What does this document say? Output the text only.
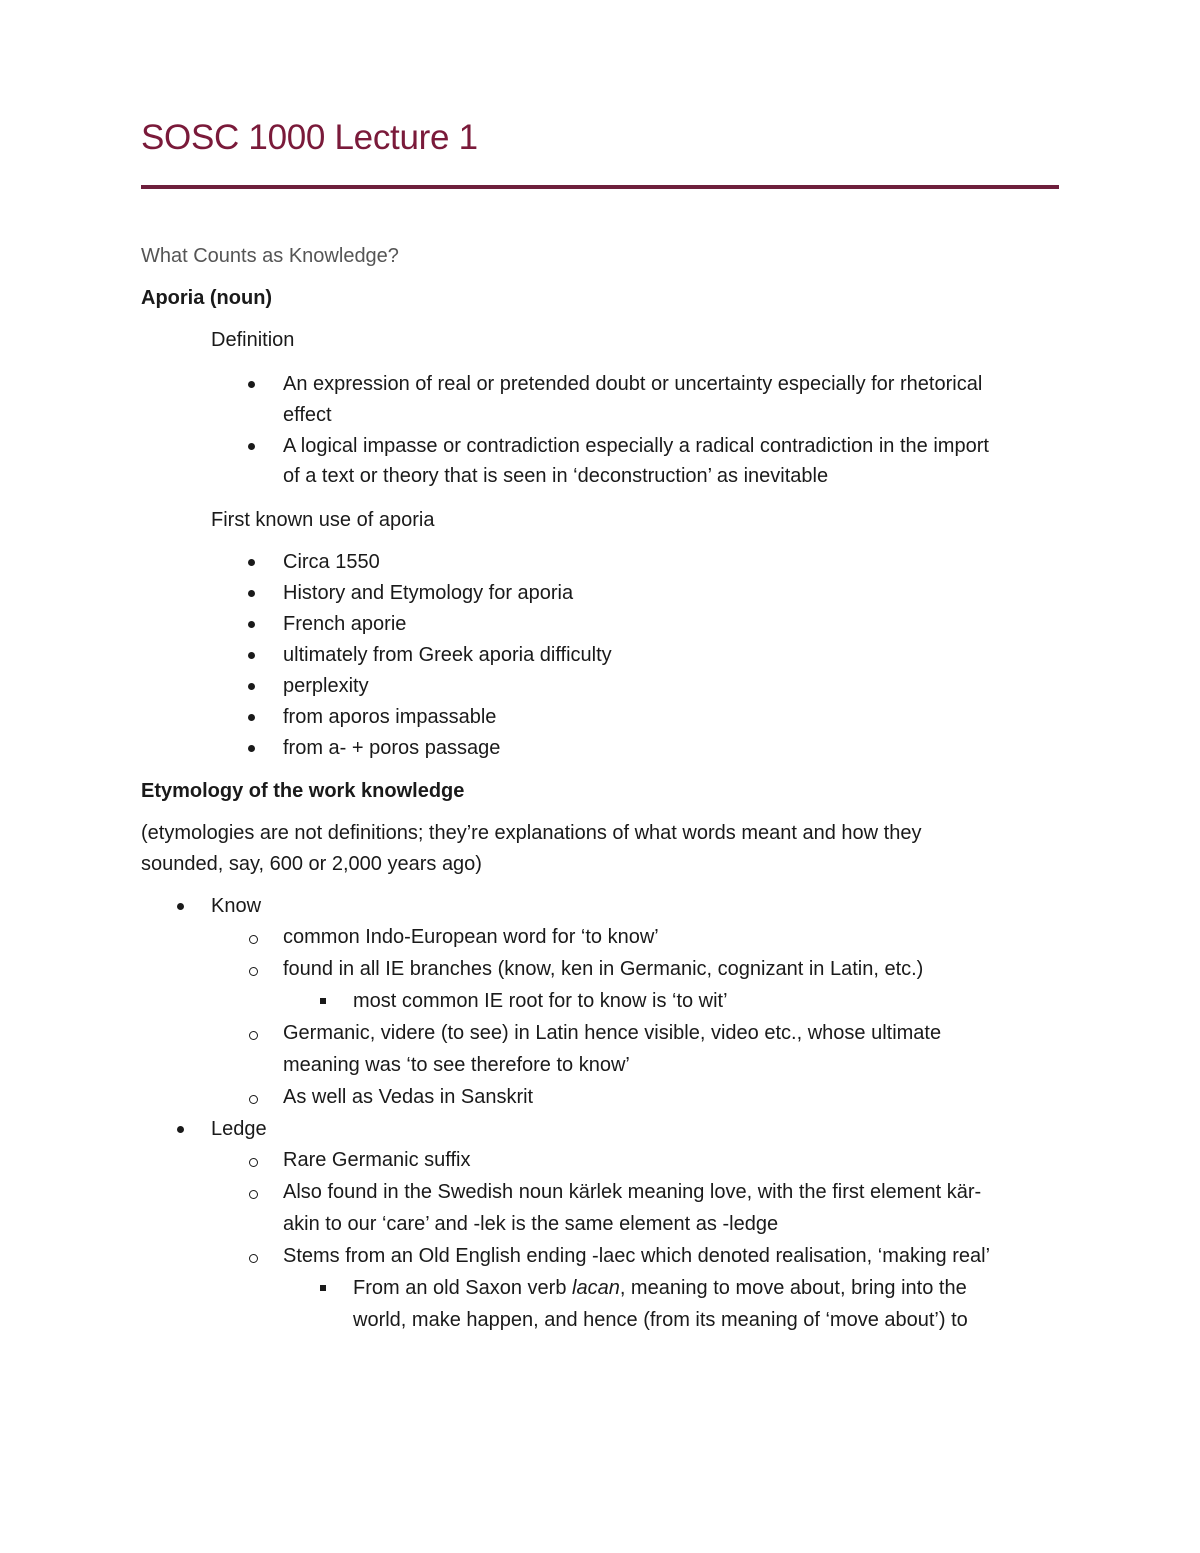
SOSC 1000 Lecture 1

What Counts as Knowledge?

Aporia (noun)

Definition

An expression of real or pretended doubt or uncertainty especially for rhetorical

effect

A logical impasse or contradiction especially a radical contradiction in the import

of a text or theory that is seen in ‘deconstruction’ as inevitable

First known use of aporia

Circa 1550

History and Etymology for aporia

French aporie

ultimately from Greek aporia difficulty

perplexity

from aporos impassable

from a- + poros passage

Etymology of the work knowledge

(etymologies are not definitions; they’re explanations of what words meant and how they

sounded, say, 600 or 2,000 years ago)

Know

common Indo-European word for ‘to know’

found in all IE branches (know, ken in Germanic, cognizant in Latin, etc.)

most common IE root for to know is ‘to wit’

Germanic, videre (to see) in Latin hence visible, video etc., whose ultimate

meaning was ‘to see therefore to know’

As well as Vedas in Sanskrit

Ledge

Rare Germanic suffix

Also found in the Swedish noun kärlek meaning love, with the first element kär-

akin to our ‘care’ and -lek is the same element as -ledge

Stems from an Old English ending -laec which denoted realisation, ‘making real’

From an old Saxon verb lacan, meaning to move about, bring into the

world, make happen, and hence (from its meaning of ‘move about’) to
